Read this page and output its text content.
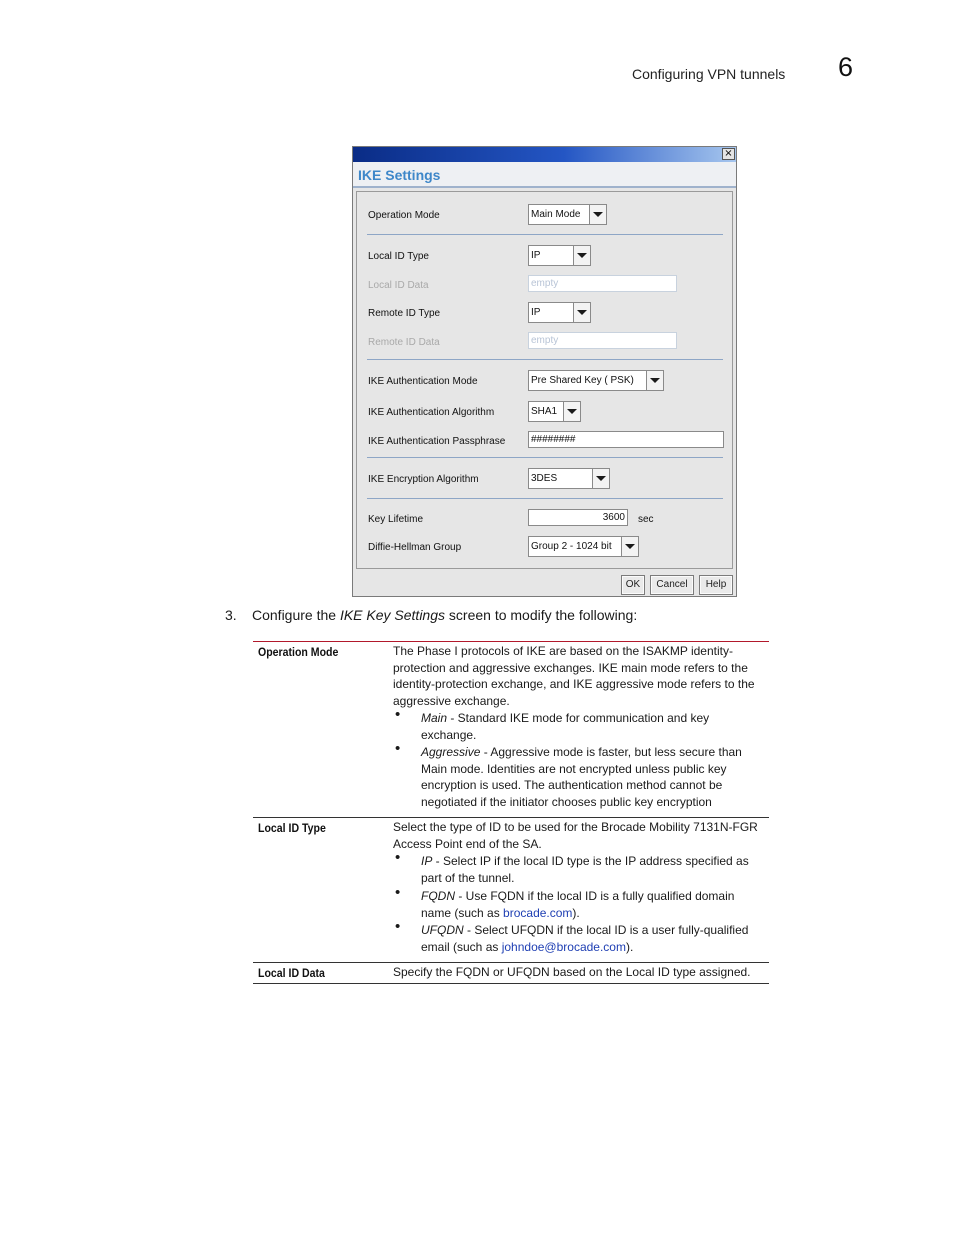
Configuring VPN tunnels 6
×
IKE Settings
Operation Mode	Main Mode
Local ID Type	IP
Local ID Data	empty
Remote ID Type	IP
Remote ID Data	empty
IKE Authentication Mode	Pre Shared Key ( PSK)
IKE Authentication Algorithm	SHA1
IKE Authentication Passphrase	########
IKE Encryption Algorithm	3DES
Key Lifetime	3600	sec
Diffie-Hellman Group	Group 2 - 1024 bit
OK	Cancel	Help
3. Configure the IKE Key Settings screen to modify the following:
Operation Mode	The Phase I protocols of IKE are based on the ISAKMP identity-protection and aggressive exchanges. IKE main mode refers to the identity-protection exchange, and IKE aggressive mode refers to the aggressive exchange.
• Main - Standard IKE mode for communication and key exchange.
• Aggressive - Aggressive mode is faster, but less secure than Main mode. Identities are not encrypted unless public key encryption is used. The authentication method cannot be negotiated if the initiator chooses public key encryption
Local ID Type	Select the type of ID to be used for the Brocade Mobility 7131N-FGR Access Point end of the SA.
• IP - Select IP if the local ID type is the IP address specified as part of the tunnel.
• FQDN - Use FQDN if the local ID is a fully qualified domain name (such as brocade.com).
• UFQDN - Select UFQDN if the local ID is a user fully-qualified email (such as johndoe@brocade.com).
Local ID Data	Specify the FQDN or UFQDN based on the Local ID type assigned.
